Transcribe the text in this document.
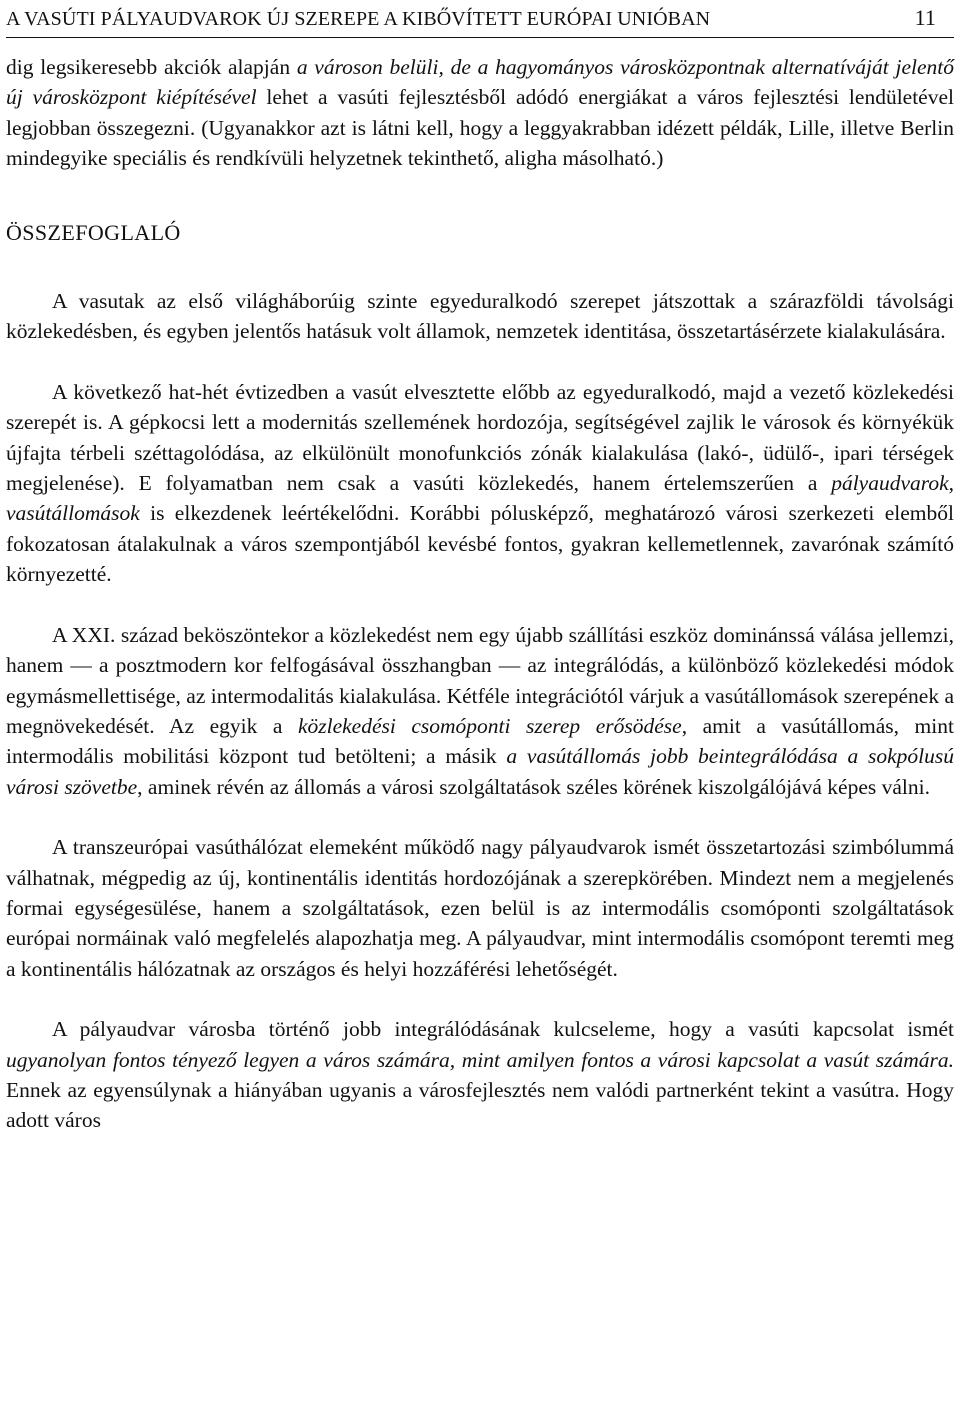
A VASÚTI PÁLYAUDVAROK ÚJ SZEREPE A KIBŐVÍTETT EURÓPAI UNIÓBAN	11

dig legsikeresebb akciók alapján a városon belüli, de a hagyományos városközpontnak alternatíváját jelentő új városközpont kiépítésével lehet a vasúti fejlesztésből adódó energiákat a város fejlesztési lendületével legjobban összegezni. (Ugyanakkor azt is látni kell, hogy a leggyakrabban idézett példák, Lille, illetve Berlin mindegyike speciális és rendkívüli helyzetnek tekinthető, aligha másolható.)

ÖSSZEFOGLALÓ

A vasutak az első világháborúig szinte egyeduralkodó szerepet játszottak a szárazföldi távolsági közlekedésben, és egyben jelentős hatásuk volt államok, nemzetek identitása, összetartásérzete kialakulására.

A következő hat-hét évtizedben a vasút elvesztette előbb az egyeduralkodó, majd a vezető közlekedési szerepét is. A gépkocsi lett a modernitás szellemének hordozója, segítségével zajlik le városok és környékük újfajta térbeli széttagolódása, az elkülönült monofunkciós zónák kialakulása (lakó-, üdülő-, ipari térségek megjelenése). E folyamatban nem csak a vasúti közlekedés, hanem értelemszerűen a pályaudvarok, vasútállomások is elkezdenek leértékelődni. Korábbi pólusképző, meghatározó városi szerkezeti elemből fokozatosan átalakulnak a város szempontjából kevésbé fontos, gyakran kellemetlennek, zavarónak számító környezetté.

A XXI. század beköszöntekor a közlekedést nem egy újabb szállítási eszköz dominánssá válása jellemzi, hanem — a posztmodern kor felfogásával összhangban — az integrálódás, a különböző közlekedési módok egymásmellettisége, az intermodalitás kialakulása. Kétféle integrációtól várjuk a vasútállomások szerepének a megnövekedését. Az egyik a közlekedési csomóponti szerep erősödése, amit a vasútállomás, mint intermodális mobilitási központ tud betölteni; a másik a vasútállomás jobb beintegrálódása a sokpólusú városi szövetbe, aminek révén az állomás a városi szolgáltatások széles körének kiszolgálójává képes válni.

A transzeurópai vasúthálózat elemeként működő nagy pályaudvarok ismét összetartozási szimbólummá válhatnak, mégpedig az új, kontinentális identitás hordozójának a szerepkörében. Mindezt nem a megjelenés formai egységesülése, hanem a szolgáltatások, ezen belül is az intermodális csomóponti szolgáltatások európai normáinak való megfelelés alapozhatja meg. A pályaudvar, mint intermodális csomópont teremti meg a kontinentális hálózatnak az országos és helyi hozzáférési lehetőségét.

A pályaudvar városba történő jobb integrálódásának kulcseleme, hogy a vasúti kapcsolat ismét ugyanolyan fontos tényező legyen a város számára, mint amilyen fontos a városi kapcsolat a vasút számára. Ennek az egyensúlynak a hiányában ugyanis a városfejlesztés nem valódi partnerként tekint a vasútra. Hogy adott város
